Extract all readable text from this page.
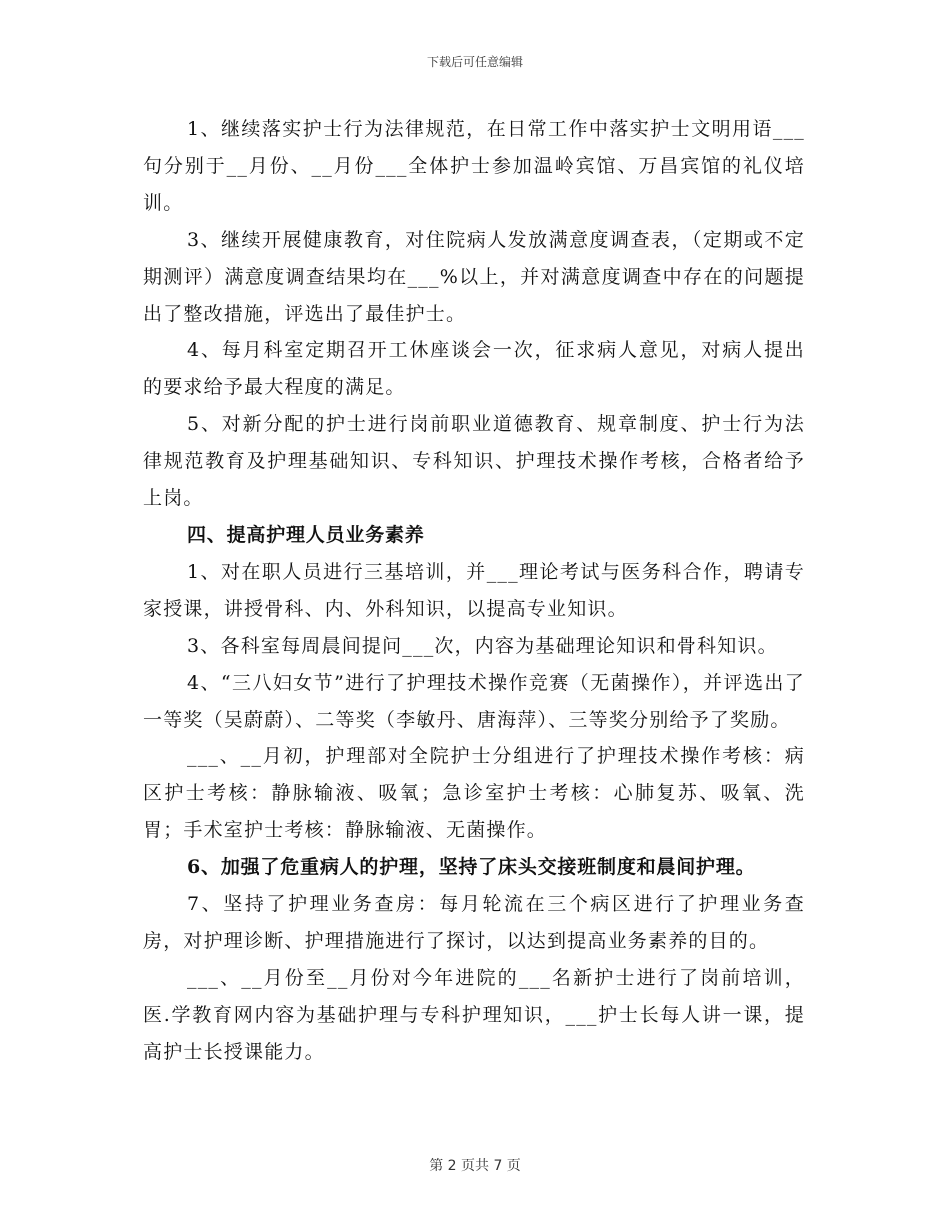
下载后可任意编辑

1、继续落实护士行为法律规范，在日常工作中落实护士文明用语___句分别于__月份、__月份___全体护士参加温岭宾馆、万昌宾馆的礼仪培训。

3、继续开展健康教育，对住院病人发放满意度调查表，（定期或不定期测评）满意度调查结果均在___%以上，并对满意度调查中存在的问题提出了整改措施，评选出了最佳护士。

4、每月科室定期召开工休座谈会一次，征求病人意见，对病人提出的要求给予最大程度的满足。

5、对新分配的护士进行岗前职业道德教育、规章制度、护士行为法律规范教育及护理基础知识、专科知识、护理技术操作考核，合格者给予上岗。

四、提高护理人员业务素养

1、对在职人员进行三基培训，并___理论考试与医务科合作，聘请专家授课，讲授骨科、内、外科知识，以提高专业知识。

3、各科室每周晨间提问___次，内容为基础理论知识和骨科知识。

4、“三八妇女节”进行了护理技术操作竞赛（无菌操作），并评选出了一等奖（吴蔚蔚）、二等奖（李敏丹、唐海萍）、三等奖分别给予了奖励。

___、__月初，护理部对全院护士分组进行了护理技术操作考核：病区护士考核：静脉输液、吸氧；急诊室护士考核：心肺复苏、吸氧、洗胃；手术室护士考核：静脉输液、无菌操作。

6、加强了危重病人的护理，坚持了床头交接班制度和晨间护理。

7、坚持了护理业务查房：每月轮流在三个病区进行了护理业务查房，对护理诊断、护理措施进行了探讨，以达到提高业务素养的目的。

___、__月份至__月份对今年进院的___名新护士进行了岗前培训，医.学教育网内容为基础护理与专科护理知识，___护士长每人讲一课，提高护士长授课能力。

第 2 页共 7 页
